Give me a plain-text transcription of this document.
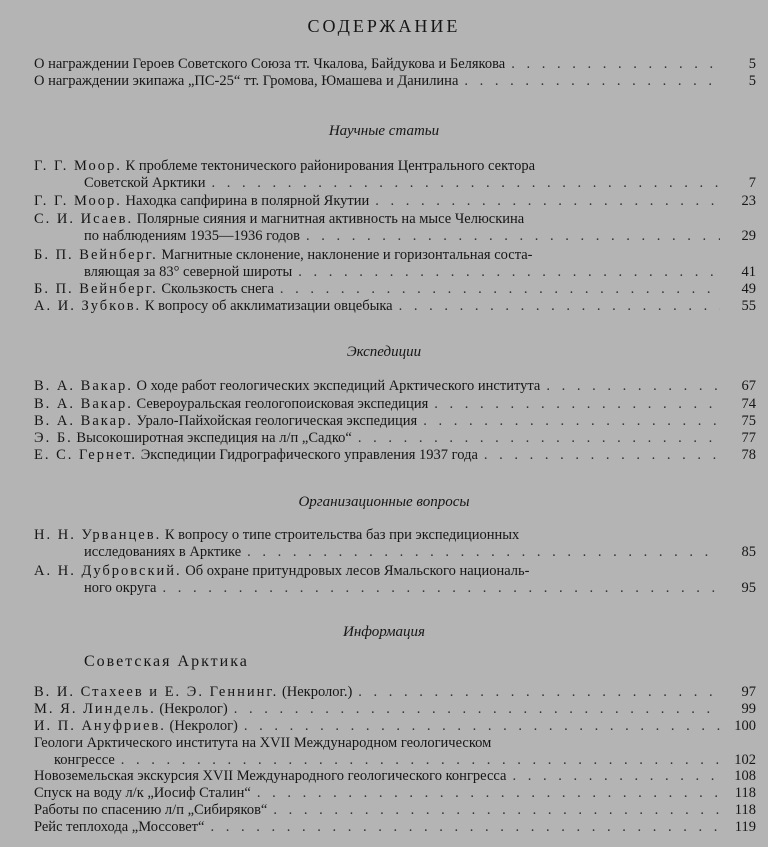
СОДЕРЖАНИЕ
О награждении Героев Советского Союза тт. Чкалова, Байдукова и Белякова . . .	5
О награждении экипажа „ПС-25“ тт. Громова, Юмашева и Данилина . . .	5
Научные статьи
Г. Г. Моор. К проблеме тектонического районирования Центрального сектора
Советской Арктики . . .	7
Г. Г. Моор. Находка сапфирина в полярной Якутии . . .	23
С. И. Исаев. Полярные сияния и магнитная активность на мысе Челюскина
по наблюдениям 1935—1936 годов . . .	29
Б. П. Вейнберг. Магнитные склонение, наклонение и горизонтальная соста-
вляющая за 83° северной широты . . .	41
Б. П. Вейнберг. Скользкость снега . . .	49
А. И. Зубков. К вопросу об акклиматизации овцебыка . . .	55
Экспедиции
В. А. Вакар. О ходе работ геологических экспедиций Арктического института . . .	67
В. А. Вакар. Североуральская геологопоисковая экспедиция . . .	74
В. А. Вакар. Урало-Пайхойская геологическая экспедиция . . .	75
Э. Б. Высокоширотная экспедиция на л/п „Садко“ . . .	77
Е. С. Гернет. Экспедиции Гидрографического управления 1937 года . . .	78
Организационные вопросы
Н. Н. Урванцев. К вопросу о типе строительства баз при экспедиционных
исследованиях в Арктике . . .	85
А. Н. Дубровский. Об охране притундровых лесов Ямальского националь-
ного округа . . .	95
Информация
Советская Арктика
В. И. Стахеев и Е. Э. Геннинг. (Некролог.) . . .	97
М. Я. Линдель. (Некролог) . . .	99
И. П. Ануфриев. (Некролог) . . .	100
Геологи Арктического института на XVII Международном геологическом
конгрессе . . .	102
Новоземельская экскурсия XVII Международного геологического конгресса . . .	108
Спуск на воду л/к „Иосиф Сталин“ . . .	118
Работы по спасению л/п „Сибиряков“ . . .	118
Рейс теплохода „Моссовет“ . . .	119
